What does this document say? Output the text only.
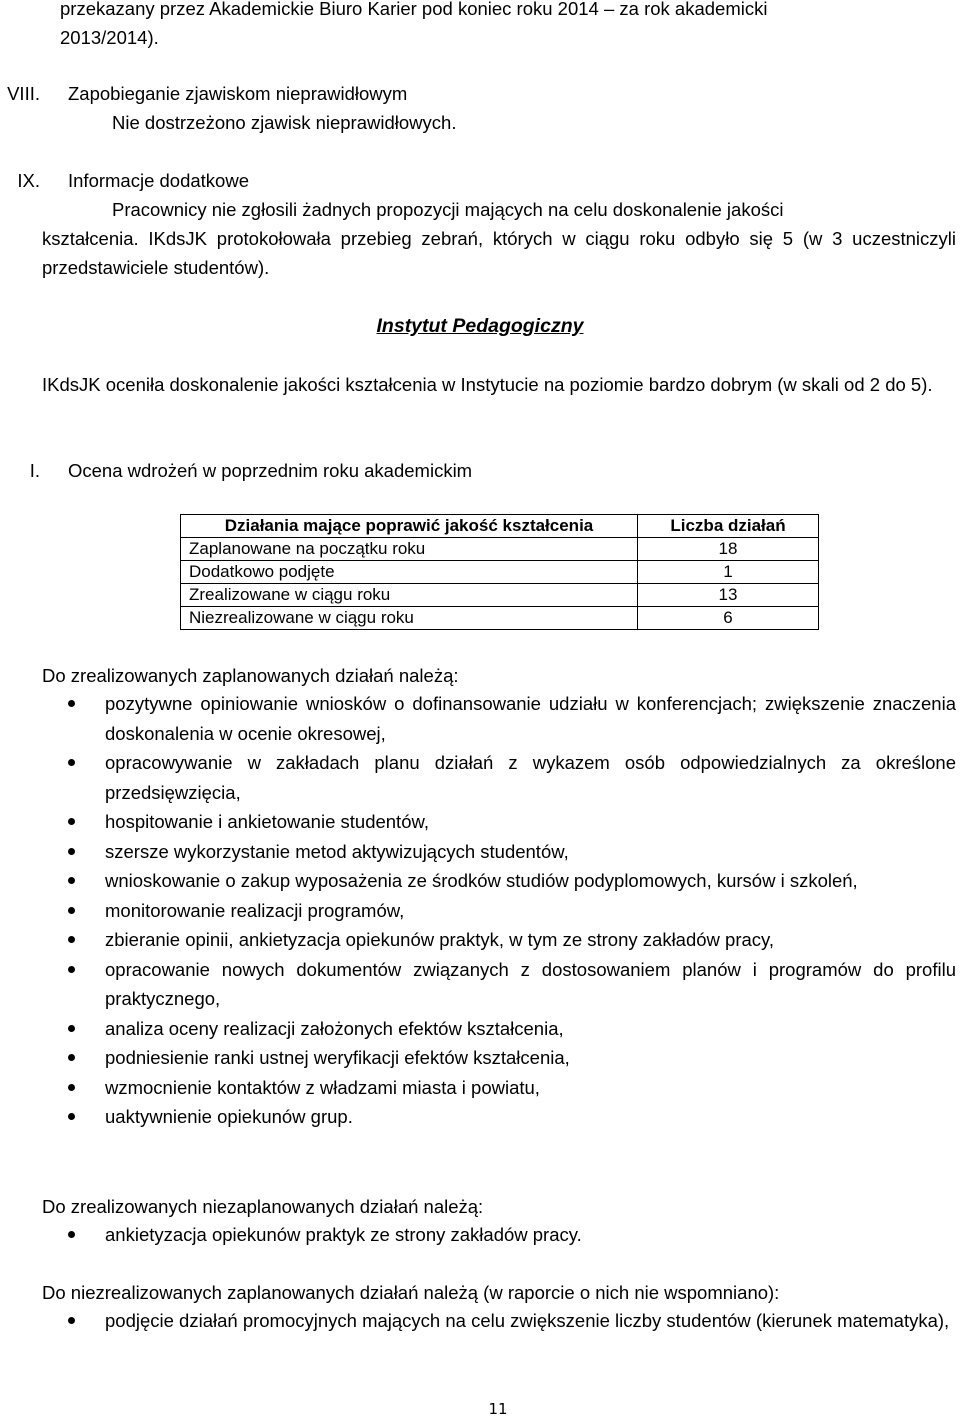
przekazany przez Akademickie Biuro Karier pod koniec roku 2014 – za rok akademicki
2013/2014).
VIII. Zapobieganie zjawiskom nieprawidłowym
Nie dostrzeżono zjawisk nieprawidłowych.
IX. Informacje dodatkowe
Pracownicy nie zgłosili żadnych propozycji mających na celu doskonalenie jakości
kształcenia. IKdsJK protokołowała przebieg zebrań, których w ciągu roku odbyło się 5 (w 3 uczestniczyli przedstawiciele studentów).
Instytut Pedagogiczny
IKdsJK oceniła doskonalenie jakości kształcenia w Instytucie na poziomie bardzo dobrym (w skali od 2 do 5).
I. Ocena wdrożeń w poprzednim roku akademickim
Działania mające poprawić jakość kształcenia	Liczba działań
Zaplanowane na początku roku	18
Dodatkowo podjęte	1
Zrealizowane w ciągu roku	13
Niezrealizowane w ciągu roku	6
Do zrealizowanych zaplanowanych działań należą:
pozytywne opiniowanie wniosków o dofinansowanie udziału w konferencjach; zwiększenie znaczenia doskonalenia w ocenie okresowej,
opracowywanie w zakładach planu działań z wykazem osób odpowiedzialnych za określone przedsięwzięcia,
hospitowanie i ankietowanie studentów,
szersze wykorzystanie metod aktywizujących studentów,
wnioskowanie o zakup wyposażenia ze środków studiów podyplomowych, kursów i szkoleń,
monitorowanie realizacji programów,
zbieranie opinii, ankietyzacja opiekunów praktyk, w tym ze strony zakładów pracy,
opracowanie nowych dokumentów związanych z dostosowaniem planów i programów do profilu praktycznego,
analiza oceny realizacji założonych efektów kształcenia,
podniesienie ranki ustnej weryfikacji efektów kształcenia,
wzmocnienie kontaktów z władzami miasta i powiatu,
uaktywnienie opiekunów grup.
Do zrealizowanych niezaplanowanych działań należą:
ankietyzacja opiekunów praktyk ze strony zakładów pracy.
Do niezrealizowanych zaplanowanych działań należą (w raporcie o nich nie wspomniano):
podjęcie działań promocyjnych mających na celu zwiększenie liczby studentów (kierunek matematyka),
11
